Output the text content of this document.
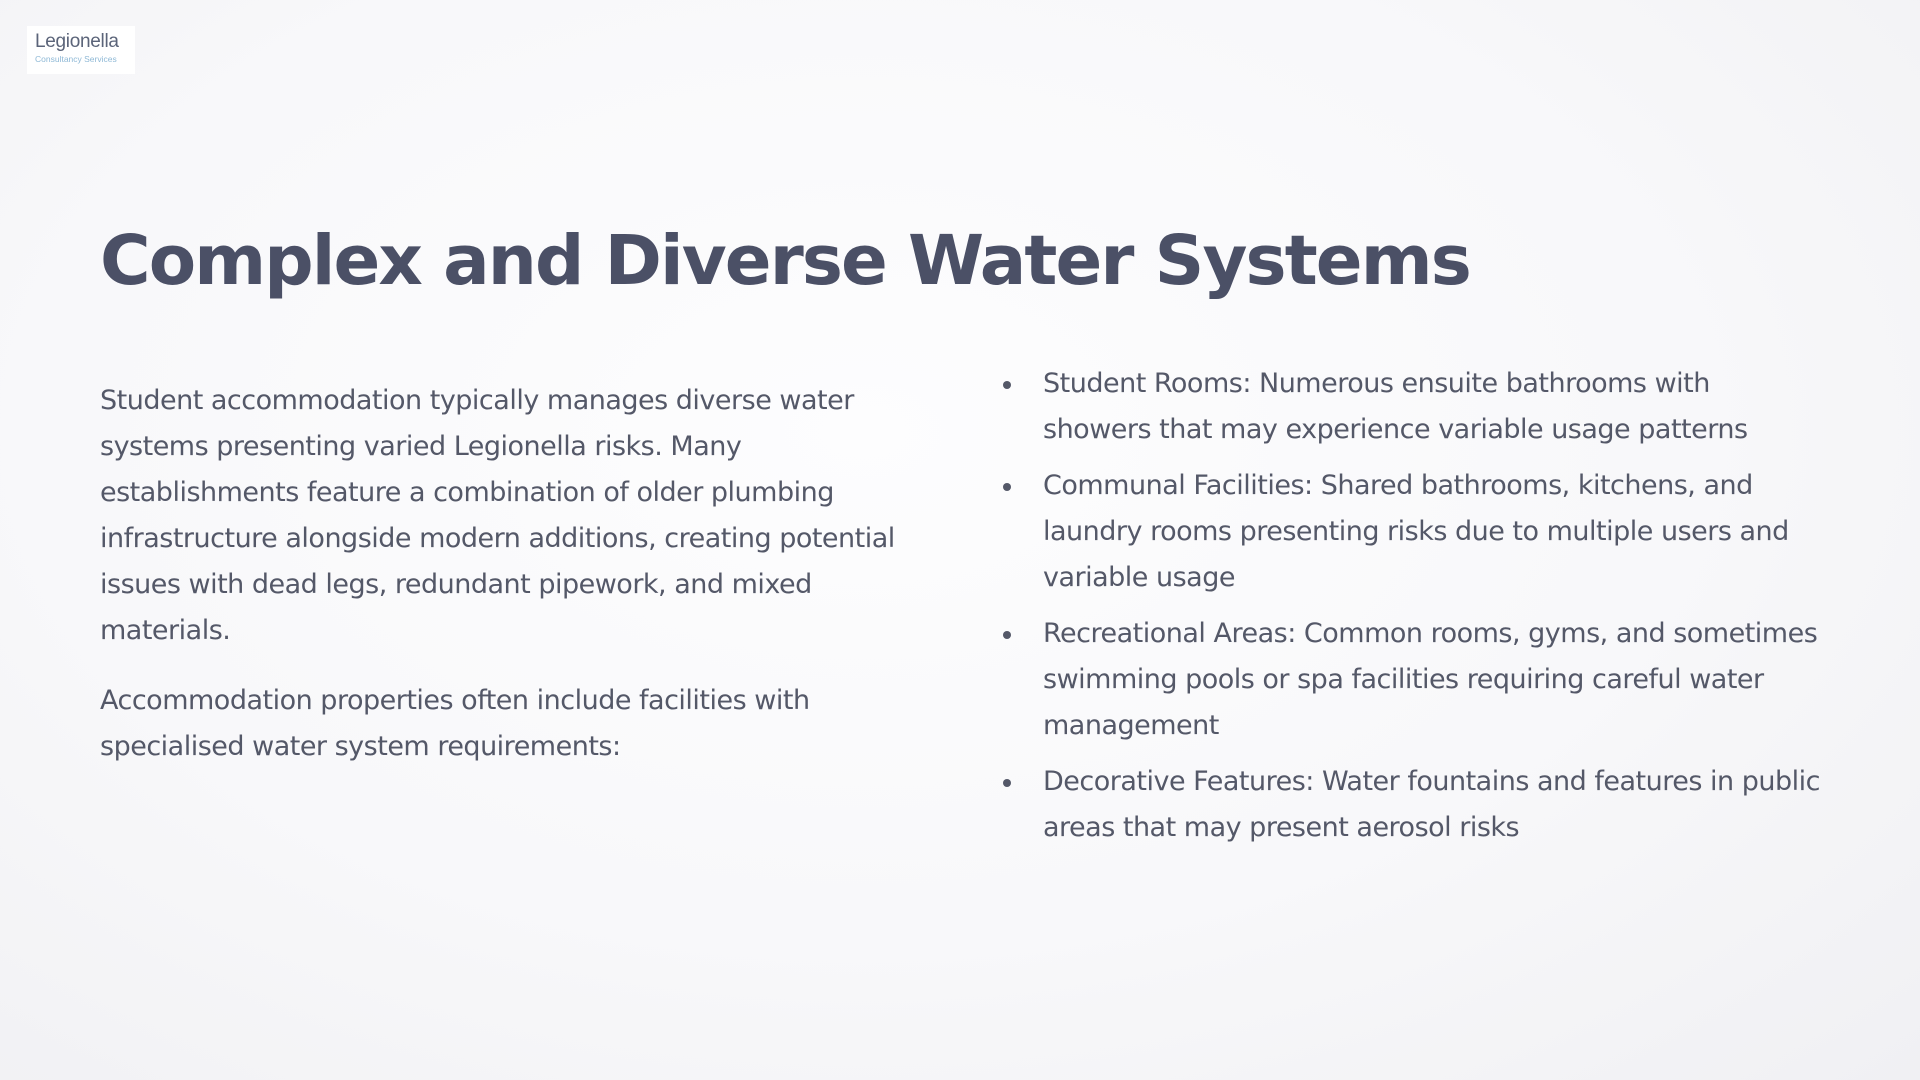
Legionella
Consultancy Services
Complex and Diverse Water Systems

Student accommodation typically manages diverse water systems presenting varied Legionella risks. Many establishments feature a combination of older plumbing infrastructure alongside modern additions, creating potential issues with dead legs, redundant pipework, and mixed materials.

Accommodation properties often include facilities with specialised water system requirements:

Student Rooms: Numerous ensuite bathrooms with showers that may experience variable usage patterns
Communal Facilities: Shared bathrooms, kitchens, and laundry rooms presenting risks due to multiple users and variable usage
Recreational Areas: Common rooms, gyms, and sometimes swimming pools or spa facilities requiring careful water management
Decorative Features: Water fountains and features in public areas that may present aerosol risks
